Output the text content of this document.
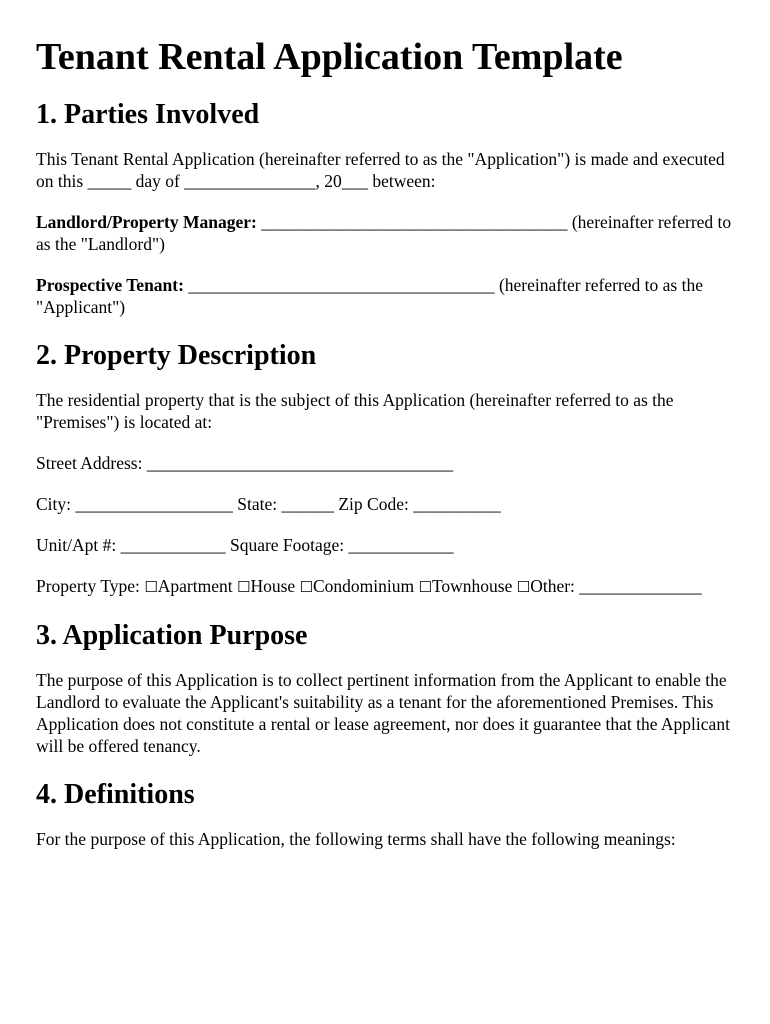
Tenant Rental Application Template
1. Parties Involved

This Tenant Rental Application (hereinafter referred to as the "Application") is made and executed on this _____ day of _______________, 20___ between:

Landlord/Property Manager: ___________________________________ (hereinafter referred to as the "Landlord")

Prospective Tenant: ___________________________________ (hereinafter referred to as the "Applicant")

2. Property Description

The residential property that is the subject of this Application (hereinafter referred to as the "Premises") is located at:

Street Address: ___________________________________

City: __________________ State: ______ Zip Code: __________

Unit/Apt #: ____________ Square Footage: ____________

Property Type: ☐Apartment ☐House ☐Condominium ☐Townhouse ☐Other: ______________

3. Application Purpose

The purpose of this Application is to collect pertinent information from the Applicant to enable the Landlord to evaluate the Applicant's suitability as a tenant for the aforementioned Premises. This Application does not constitute a rental or lease agreement, nor does it guarantee that the Applicant will be offered tenancy.

4. Definitions

For the purpose of this Application, the following terms shall have the following meanings:
